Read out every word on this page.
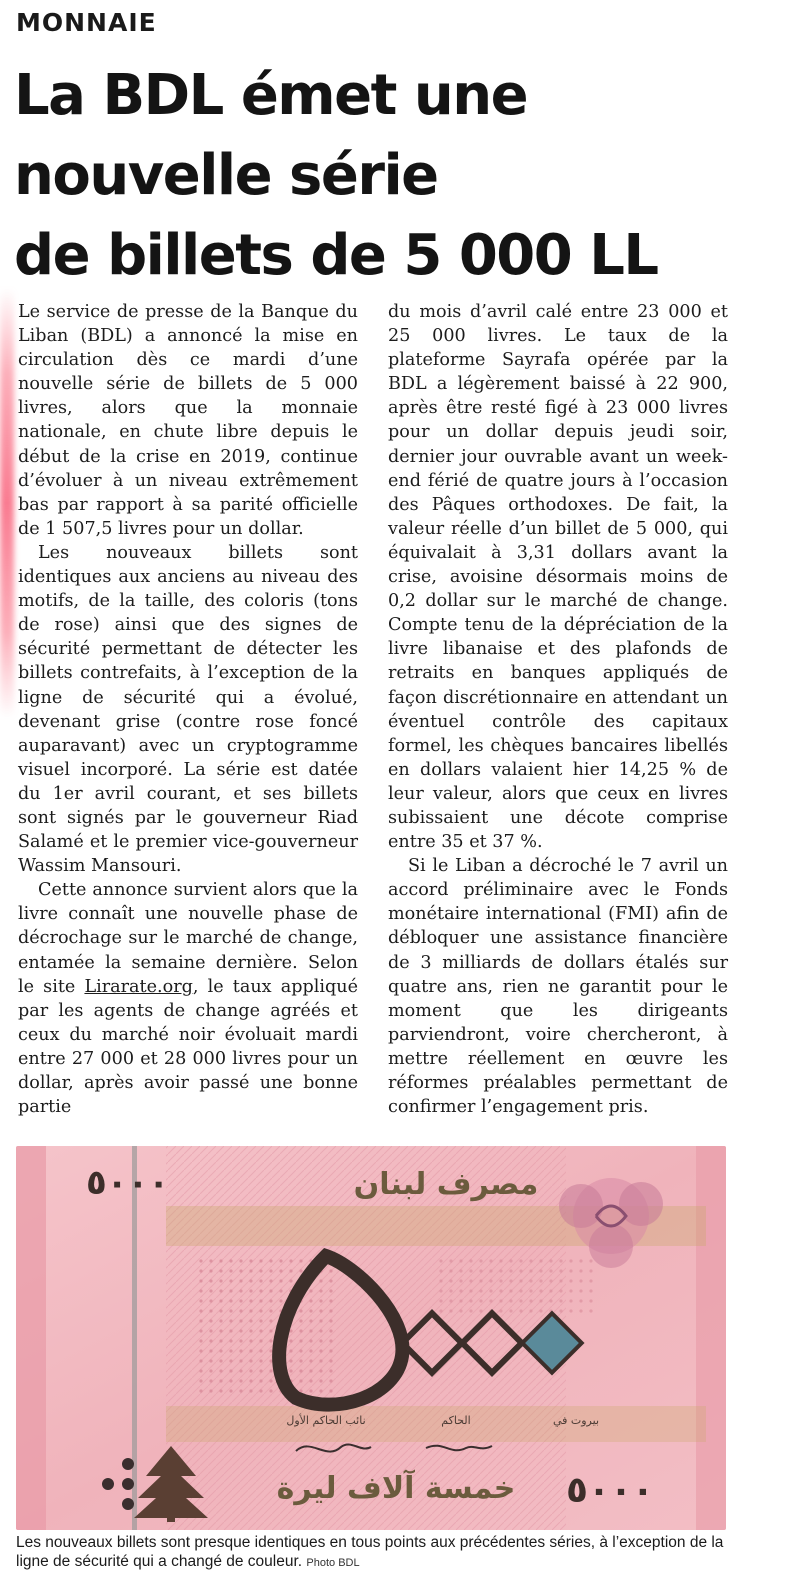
MONNAIE
La BDL émet une
nouvelle série
de billets de 5 000 LL

Le service de presse de la Banque du Liban (BDL) a annoncé la mise en circulation dès ce mardi d’une nouvelle série de billets de 5 000 livres, alors que la monnaie nationale, en chute libre depuis le début de la crise en 2019, continue d’évoluer à un niveau extrêmement bas par rapport à sa parité officielle de 1 507,5 livres pour un dollar.

Les nouveaux billets sont identiques aux anciens au niveau des motifs, de la taille, des coloris (tons de rose) ainsi que des signes de sécurité permettant de détecter les billets contrefaits, à l’exception de la ligne de sécurité qui a évolué, devenant grise (contre rose foncé auparavant) avec un cryptogramme visuel incorporé. La série est datée du 1er avril courant, et ses billets sont signés par le gouverneur Riad Salamé et le premier vice-gouverneur Wassim Mansouri.

Cette annonce survient alors que la livre connaît une nouvelle phase de décrochage sur le marché de change, entamée la semaine dernière. Selon le site Lirarate.org, le taux appliqué par les agents de change agréés et ceux du marché noir évoluait mardi entre 27 000 et 28 000 livres pour un dollar, après avoir passé une bonne partie

du mois d’avril calé entre 23 000 et 25 000 livres. Le taux de la plateforme Sayrafa opérée par la BDL a légèrement baissé à 22 900, après être resté figé à 23 000 livres pour un dollar depuis jeudi soir, dernier jour ouvrable avant un week-end férié de quatre jours à l’occasion des Pâques orthodoxes. De fait, la valeur réelle d’un billet de 5 000, qui équivalait à 3,31 dollars avant la crise, avoisine désormais moins de 0,2 dollar sur le marché de change. Compte tenu de la dépréciation de la livre libanaise et des plafonds de retraits en banques appliqués de façon discrétionnaire en attendant un éventuel contrôle des capitaux formel, les chèques bancaires libellés en dollars valaient hier 14,25 % de leur valeur, alors que ceux en livres subissaient une décote comprise entre 35 et 37 %.

Si le Liban a décroché le 7 avril un accord préliminaire avec le Fonds monétaire international (FMI) afin de débloquer une assistance financière de 3 milliards de dollars étalés sur quatre ans, rien ne garantit pour le moment que les dirigeants parviendront, voire chercheront, à mettre réellement en œuvre les réformes préalables permettant de confirmer l’engagement pris.

٥٠٠٠	مصرف لبنان
نائب الحاكم الأول	الحاكم	بيروت في
خمسة آلاف ليرة ٥٠٠٠

Les nouveaux billets sont presque identiques en tous points aux précédentes séries, à l’exception de la ligne de sécurité qui a changé de couleur. Photo BDL
